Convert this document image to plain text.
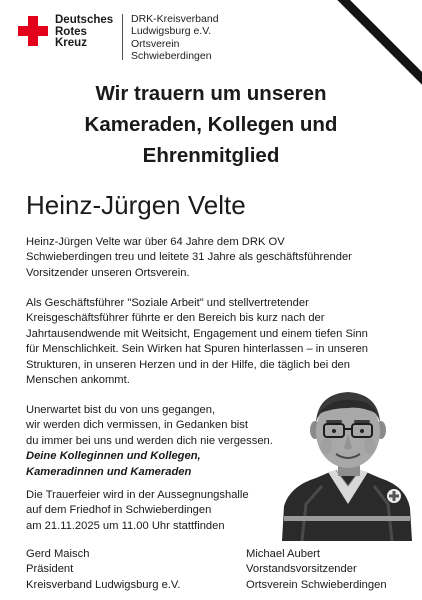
Deutsches
Rotes
Kreuz
DRK-Kreisverband
Ludwigsburg e.V.
Ortsverein
Schwieberdingen
Wir trauern um unseren
Kameraden, Kollegen und
Ehrenmitglied
Heinz-Jürgen Velte
Heinz-Jürgen Velte war über 64 Jahre dem DRK OV
Schwieberdingen treu und leitete 31 Jahre als geschäftsführender
Vorsitzender unseren Ortsverein.
Als Geschäftsführer "Soziale Arbeit" und stellvertretender
Kreisgeschäftsführer führte er den Bereich bis kurz nach der
Jahrtausendwende mit Weitsicht, Engagement und einem tiefen Sinn
für Menschlichkeit. Sein Wirken hat Spuren hinterlassen – in unseren
Strukturen, in unseren Herzen und in der Hilfe, die täglich bei den
Menschen ankommt.
Unerwartet bist du von uns gegangen,
wir werden dich vermissen, in Gedanken bist
du immer bei uns und werden dich nie vergessen.
Deine Kolleginnen und Kollegen,
Kameradinnen und Kameraden
Die Trauerfeier wird in der Aussegnungshalle
auf dem Friedhof in Schwieberdingen
am 21.11.2025 um 11.00 Uhr stattfinden
Gerd Maisch
Präsident
Kreisverband Ludwigsburg e.V.
Michael Aubert
Vorstandsvorsitzender
Ortsverein Schwieberdingen
